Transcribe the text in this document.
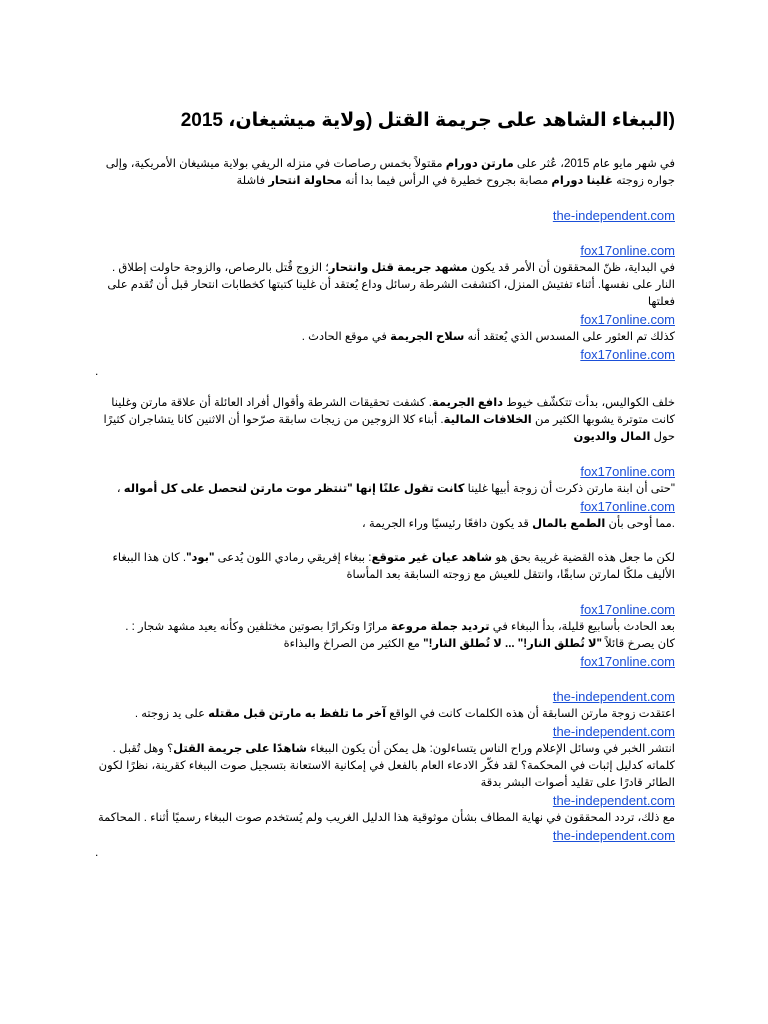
(الببغاء الشاهد على جريمة القتل (ولاية ميشيغان، 2015

في شهر مايو عام 2015، عُثر على مارتن دورام مقتولاً بخمس رصاصات في منزله الريفي بولاية ميشيغان الأمريكية، وإلى جواره زوجته غلينا دورام مصابة بجروح خطيرة في الرأس فيما بدا أنه محاولة انتحار فاشلة

the-independent.com
fox17online.com

في البداية، ظنّ المحققون أن الأمر قد يكون مشهد جريمة قتل وانتحار؛ الزوج قُتل بالرصاص، والزوجة حاولت إطلاق . النار على نفسها. أثناء تفتيش المنزل، اكتشفت الشرطة رسائل وداع يُعتقد أن غلينا كتبتها كخطابات انتحار قبل أن تُقدم على فعلتها

fox17online.com

كذلك تم العثور على المسدس الذي يُعتقد أنه سلاح الجريمة في موقع الحادث .

fox17online.com
.

خلف الكواليس، بدأت تتكشّف خيوط دافع الجريمة. كشفت تحقيقات الشرطة وأقوال أفراد العائلة أن علاقة مارتن وغلينا كانت متوترة يشوبها الكثير من الخلافات المالية. أبناء كلا الزوجين من زيجات سابقة صرّحوا أن الاثنين كانا يتشاجران كثيرًا حول المال والديون

fox17online.com

"حتى أن ابنة مارتن ذكرت أن زوجة أبيها غلينا كانت تقول علنًا إنها "تنتظر موت مارتن لتحصل على كل أمواله ،

fox17online.com

.مما أوحى بأن الطمع بالمال قد يكون دافعًا رئيسيًا وراء الجريمة ،

لكن ما جعل هذه القضية غريبة بحق هو شاهد عيان غير متوقع: ببغاء إفريقي رمادي اللون يُدعى "بود". كان هذا الببغاء الأليف ملكًا لمارتن سابقًا، وانتقل للعيش مع زوجته السابقة بعد المأساة

fox17online.com

بعد الحادث بأسابيع قليلة، بدأ الببغاء في ترديد جملة مروعة مرارًا وتكرارًا بصوتين مختلفين وكأنه يعيد مشهد شجار : .

كان يصرخ قائلاً "لا تُطلق النار!" ... لا تُطلق النار!" مع الكثير من الصراخ والبذاءة

fox17online.com
the-independent.com

اعتقدت زوجة مارتن السابقة أن هذه الكلمات كانت في الواقع آخر ما تلفظ به مارتن قبل مقتله على يد زوجته .

the-independent.com

انتشر الخبر في وسائل الإعلام وراح الناس يتساءلون: هل يمكن أن يكون الببغاء شاهدًا على جريمة القتل؟ وهل تُقبل . كلماته كدليل إثبات في المحكمة؟ لقد فكّر الادعاء العام بالفعل في إمكانية الاستعانة بتسجيل صوت الببغاء كقرينة، نظرًا لكون الطائر قادرًا على تقليد أصوات البشر بدقة

the-independent.com

مع ذلك، تردد المحققون في نهاية المطاف بشأن موثوقية هذا الدليل الغريب ولم يُستخدم صوت الببغاء رسميًا أثناء . المحاكمة

the-independent.com
.
